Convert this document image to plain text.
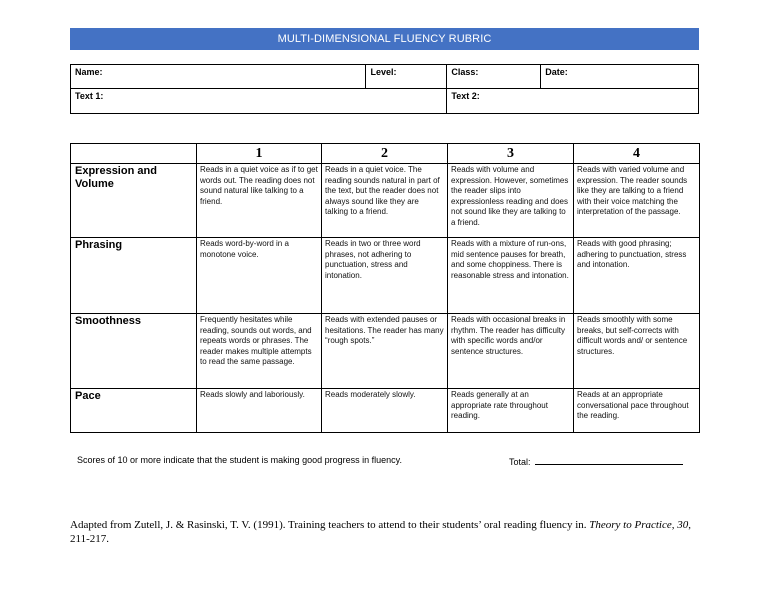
MULTI-DIMENSIONAL FLUENCY RUBRIC
Name:	Level:	Class:	Date:
Text 1:		Text 2:	
	1	2	3	4
Expression and Volume	Reads in a quiet voice as if to get words out. The reading does not sound natural like talking to a friend.	Reads in a quiet voice. The reading sounds natural in part of the text, but the reader does not always sound like they are talking to a friend.	Reads with volume and expression. However, sometimes the reader slips into expressionless reading and does not sound like they are talking to a friend.	Reads with varied volume and expression. The reader sounds like they are talking to a friend with their voice matching the interpretation of the passage.
Phrasing	Reads word-by-word in a monotone voice.	Reads in two or three word phrases, not adhering to punctuation, stress and intonation.	Reads with a mixture of run-ons, mid sentence pauses for breath, and some choppiness. There is reasonable stress and intonation.	Reads with good phrasing; adhering to punctuation, stress and intonation.
Smoothness	Frequently hesitates while reading, sounds out words, and repeats words or phrases. The reader makes multiple attempts to read the same passage.	Reads with extended pauses or hesitations. The reader has many “rough spots.”	Reads with occasional breaks in rhythm. The reader has difficulty with specific words and/or sentence structures.	Reads smoothly with some breaks, but self-corrects with difficult words and/ or sentence structures.
Pace	Reads slowly and laboriously.	Reads moderately slowly.	Reads generally at an appropriate rate throughout reading.	Reads at an appropriate conversational pace throughout the reading.
Scores of 10 or more indicate that the student is making good progress in fluency.	Total:
Adapted from Zutell, J. & Rasinski, T. V. (1991). Training teachers to attend to their students’ oral reading fluency in. Theory to Practice, 30, 211-217.
